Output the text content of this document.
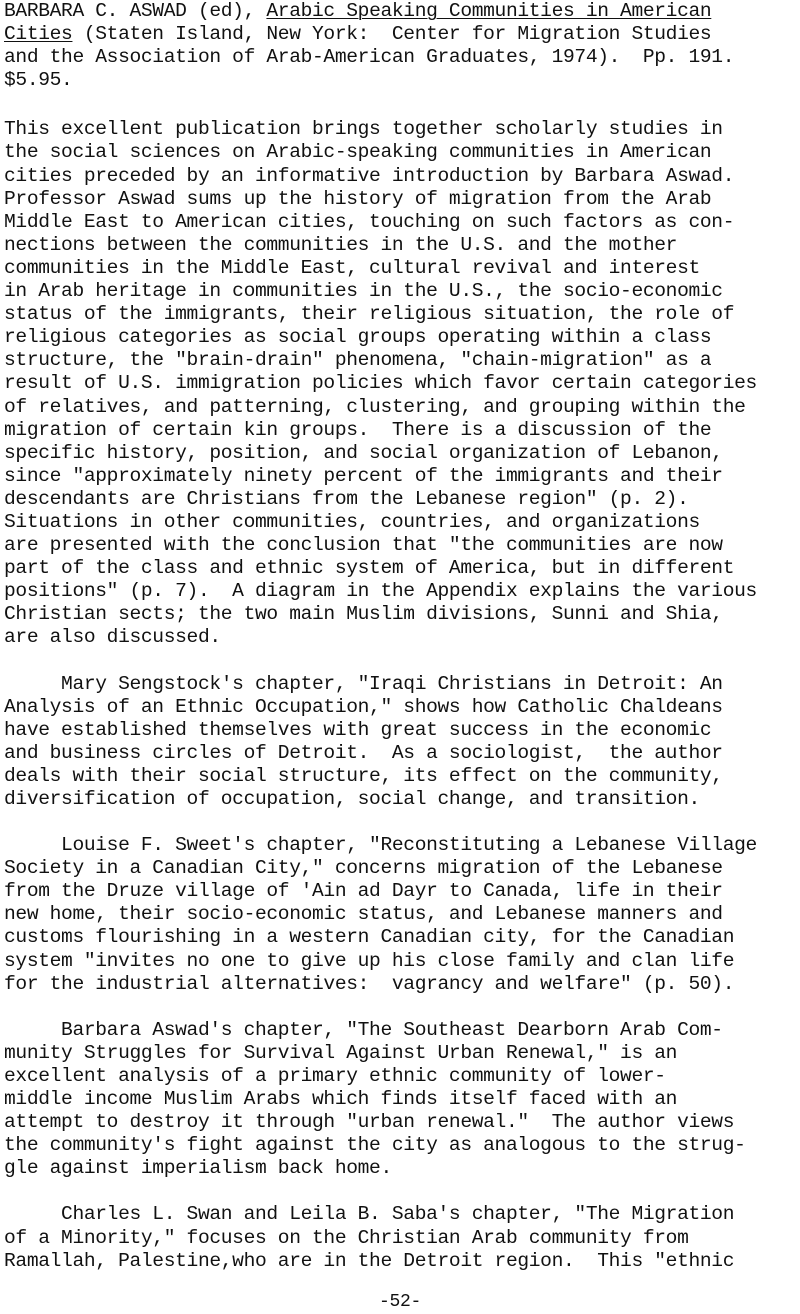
BARBARA C. ASWAD (ed), Arabic Speaking Communities in American
Cities (Staten Island, New York:  Center for Migration Studies
and the Association of Arab-American Graduates, 1974).  Pp. 191.
$5.95.
This excellent publication brings together scholarly studies in
the social sciences on Arabic-speaking communities in American
cities preceded by an informative introduction by Barbara Aswad.
Professor Aswad sums up the history of migration from the Arab
Middle East to American cities, touching on such factors as con-
nections between the communities in the U.S. and the mother
communities in the Middle East, cultural revival and interest
in Arab heritage in communities in the U.S., the socio-economic
status of the immigrants, their religious situation, the role of
religious categories as social groups operating within a class
structure, the "brain-drain" phenomena, "chain-migration" as a
result of U.S. immigration policies which favor certain categories
of relatives, and patterning, clustering, and grouping within the
migration of certain kin groups.  There is a discussion of the
specific history, position, and social organization of Lebanon,
since "approximately ninety percent of the immigrants and their
descendants are Christians from the Lebanese region" (p. 2).
Situations in other communities, countries, and organizations
are presented with the conclusion that "the communities are now
part of the class and ethnic system of America, but in different
positions" (p. 7).  A diagram in the Appendix explains the various
Christian sects; the two main Muslim divisions, Sunni and Shia,
are also discussed.
Mary Sengstock's chapter, "Iraqi Christians in Detroit: An
Analysis of an Ethnic Occupation," shows how Catholic Chaldeans
have established themselves with great success in the economic
and business circles of Detroit.  As a sociologist,  the author
deals with their social structure, its effect on the community,
diversification of occupation, social change, and transition.
Louise F. Sweet's chapter, "Reconstituting a Lebanese Village
Society in a Canadian City," concerns migration of the Lebanese
from the Druze village of 'Ain ad Dayr to Canada, life in their
new home, their socio-economic status, and Lebanese manners and
customs flourishing in a western Canadian city, for the Canadian
system "invites no one to give up his close family and clan life
for the industrial alternatives:  vagrancy and welfare" (p. 50).
Barbara Aswad's chapter, "The Southeast Dearborn Arab Com-
munity Struggles for Survival Against Urban Renewal," is an
excellent analysis of a primary ethnic community of lower-
middle income Muslim Arabs which finds itself faced with an
attempt to destroy it through "urban renewal."  The author views
the community's fight against the city as analogous to the strug-
gle against imperialism back home.
Charles L. Swan and Leila B. Saba's chapter, "The Migration
of a Minority," focuses on the Christian Arab community from
Ramallah, Palestine,who are in the Detroit region.  This "ethnic
-52-
